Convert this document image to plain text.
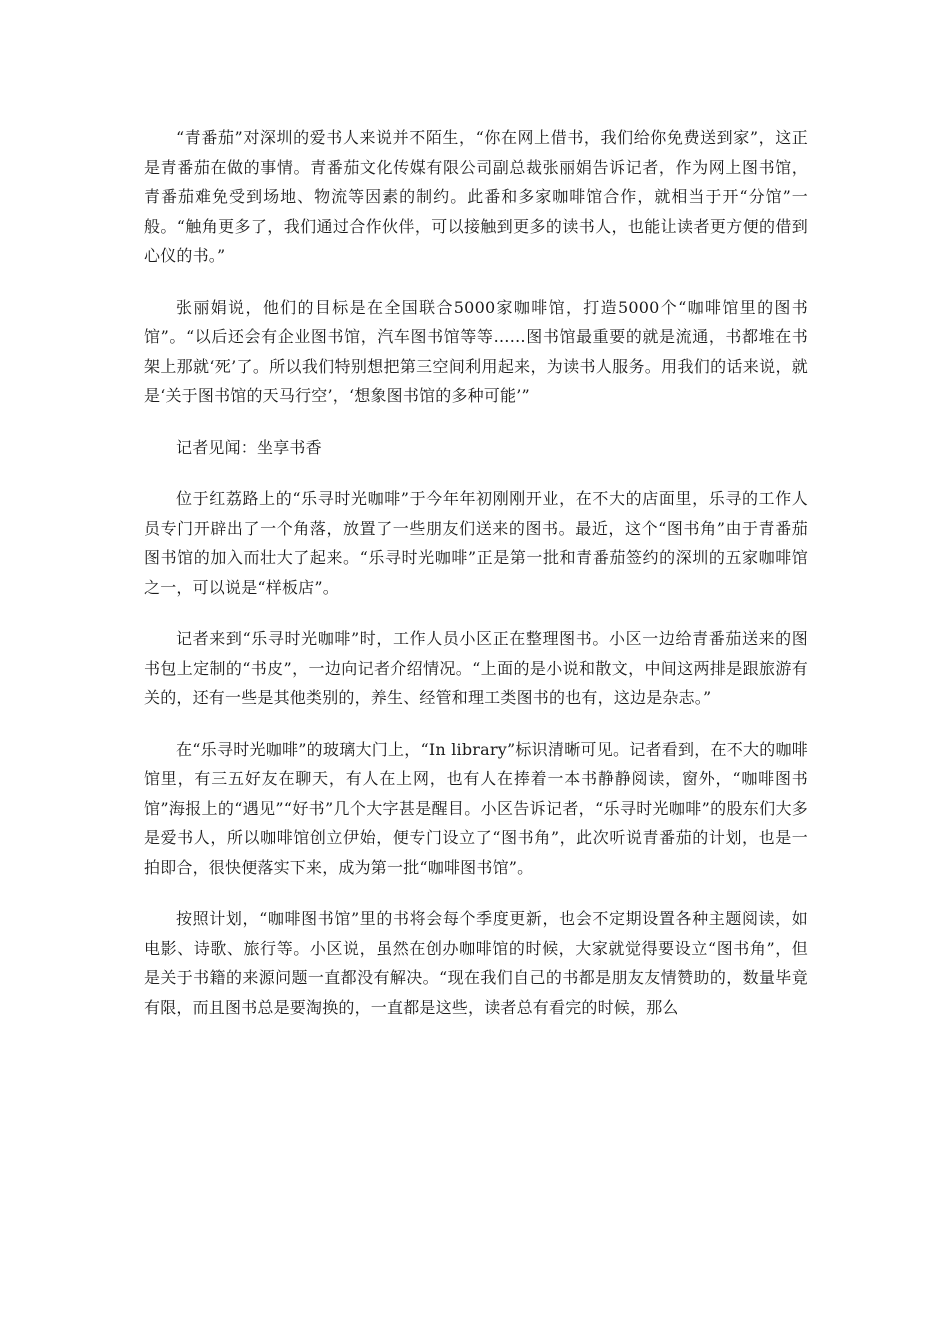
“青番茄”对深圳的爱书人来说并不陌生，“你在网上借书，我们给你免费送到家”，这正是青番茄在做的事情。青番茄文化传媒有限公司副总裁张丽娟告诉记者，作为网上图书馆，青番茄难免受到场地、物流等因素的制约。此番和多家咖啡馆合作，就相当于开“分馆”一般。“触角更多了，我们通过合作伙伴，可以接触到更多的读书人，也能让读者更方便的借到心仪的书。”

张丽娟说，他们的目标是在全国联合5000家咖啡馆，打造5000个“咖啡馆里的图书馆”。“以后还会有企业图书馆，汽车图书馆等等……图书馆最重要的就是流通，书都堆在书架上那就‘死’了。所以我们特别想把第三空间利用起来，为读书人服务。用我们的话来说，就是‘关于图书馆的天马行空’，‘想象图书馆的多种可能’”

记者见闻：坐享书香

位于红荔路上的“乐寻时光咖啡”于今年年初刚刚开业，在不大的店面里，乐寻的工作人员专门开辟出了一个角落，放置了一些朋友们送来的图书。最近，这个“图书角”由于青番茄图书馆的加入而壮大了起来。“乐寻时光咖啡”正是第一批和青番茄签约的深圳的五家咖啡馆之一，可以说是“样板店”。

记者来到“乐寻时光咖啡”时，工作人员小区正在整理图书。小区一边给青番茄送来的图书包上定制的“书皮”，一边向记者介绍情况。“上面的是小说和散文，中间这两排是跟旅游有关的，还有一些是其他类别的，养生、经管和理工类图书的也有，这边是杂志。”

在“乐寻时光咖啡”的玻璃大门上，“In library”标识清晰可见。记者看到，在不大的咖啡馆里，有三五好友在聊天，有人在上网，也有人在捧着一本书静静阅读，窗外，“咖啡图书馆”海报上的“遇见”“好书”几个大字甚是醒目。小区告诉记者，“乐寻时光咖啡”的股东们大多是爱书人，所以咖啡馆创立伊始，便专门设立了“图书角”，此次听说青番茄的计划，也是一拍即合，很快便落实下来，成为第一批“咖啡图书馆”。

按照计划，“咖啡图书馆”里的书将会每个季度更新，也会不定期设置各种主题阅读，如电影、诗歌、旅行等。小区说，虽然在创办咖啡馆的时候，大家就觉得要设立“图书角”，但是关于书籍的来源问题一直都没有解决。“现在我们自己的书都是朋友友情赞助的，数量毕竟有限，而且图书总是要淘换的，一直都是这些，读者总有看完的时候，那么
